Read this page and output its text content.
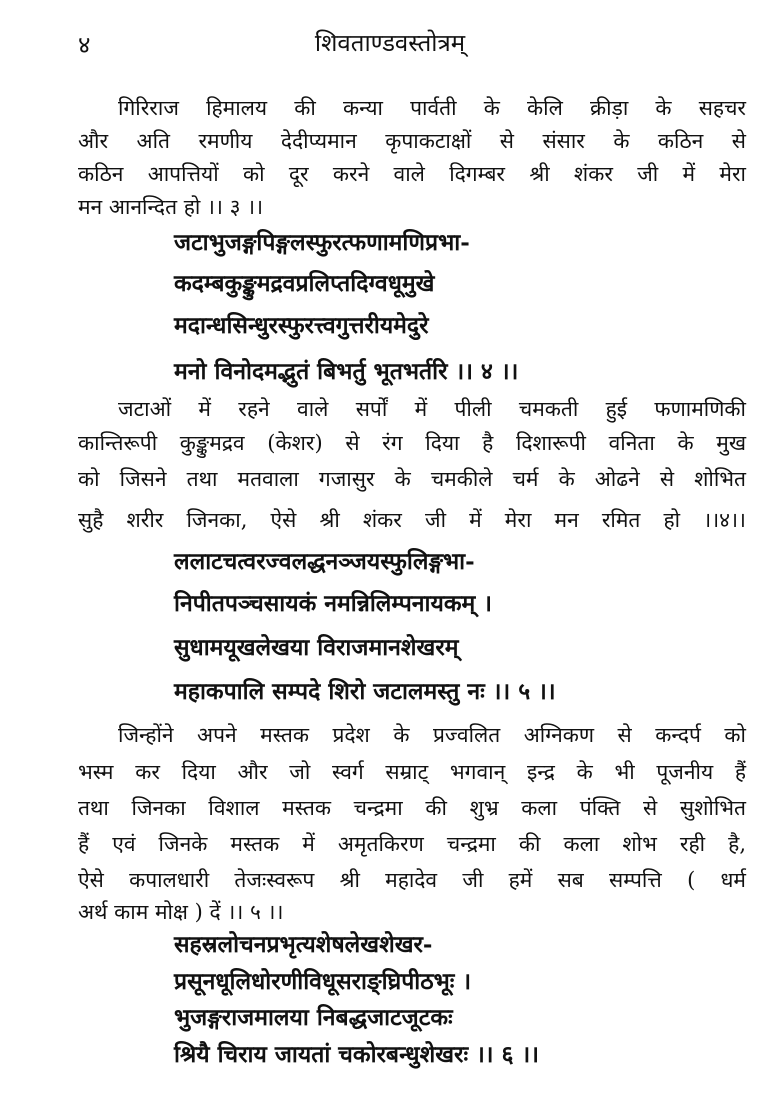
४	शिवताण्डवस्तोत्रम्
गिरिराज हिमालय की कन्या पार्वती के केलि क्रीड़ा के सहचर
और अति रमणीय देदीप्यमान कृपाकटाक्षों से संसार के कठिन से
कठिन आपत्तियों को दूर करने वाले दिगम्बर श्री शंकर जी में मेरा
मन आनन्दित हो ।। ३ ।।
जटाभुजङ्गपिङ्गलस्फुरत्फणामणिप्रभा-
कदम्बकुङ्कुमद्रवप्रलिप्तदिग्वधूमुखे
मदान्धसिन्धुरस्फुरत्त्वगुत्तरीयमेदुरे
मनो विनोदमद्भुतं बिभर्तु भूतभर्तरि ।। ४ ।।
जटाओं में रहने वाले सर्पों में पीली चमकती हुई फणामणिकी
कान्तिरूपी कुङ्कुमद्रव (केशर) से रंग दिया है दिशारूपी वनिता के मुख
को जिसने तथा मतवाला गजासुर के चमकीले चर्म के ओढने से शोभित
सुहै शरीर जिनका, ऐसे श्री शंकर जी में मेरा मन रमित हो ।।४।।
ललाटचत्वरज्वलद्धनञ्जयस्फुलिङ्गभा-
निपीतपञ्चसायकं नमन्निलिम्पनायकम् ।
सुधामयूखलेखया विराजमानशेखरम्
महाकपालि सम्पदे शिरो जटालमस्तु नः ।। ५ ।।
जिन्होंने अपने मस्तक प्रदेश के प्रज्वलित अग्निकण से कन्दर्प को
भस्म कर दिया और जो स्वर्ग सम्राट् भगवान् इन्द्र के भी पूजनीय हैं
तथा जिनका विशाल मस्तक चन्द्रमा की शुभ्र कला पंक्ति से सुशोभित
हैं एवं जिनके मस्तक में अमृतकिरण चन्द्रमा की कला शोभ रही है,
ऐसे कपालधारी तेजःस्वरूप श्री महादेव जी हमें सब सम्पत्ति ( धर्म
अर्थ काम मोक्ष ) दें ।। ५ ।।
सहस्रलोचनप्रभृत्यशेषलेखशेखर-
प्रसूनधूलिधोरणीविधूसराङ्घ्रिपीठभूः ।
भुजङ्गराजमालया निबद्धजाटजूटकः
श्रियै चिराय जायतां चकोरबन्धुशेखरः ।। ६ ।।
